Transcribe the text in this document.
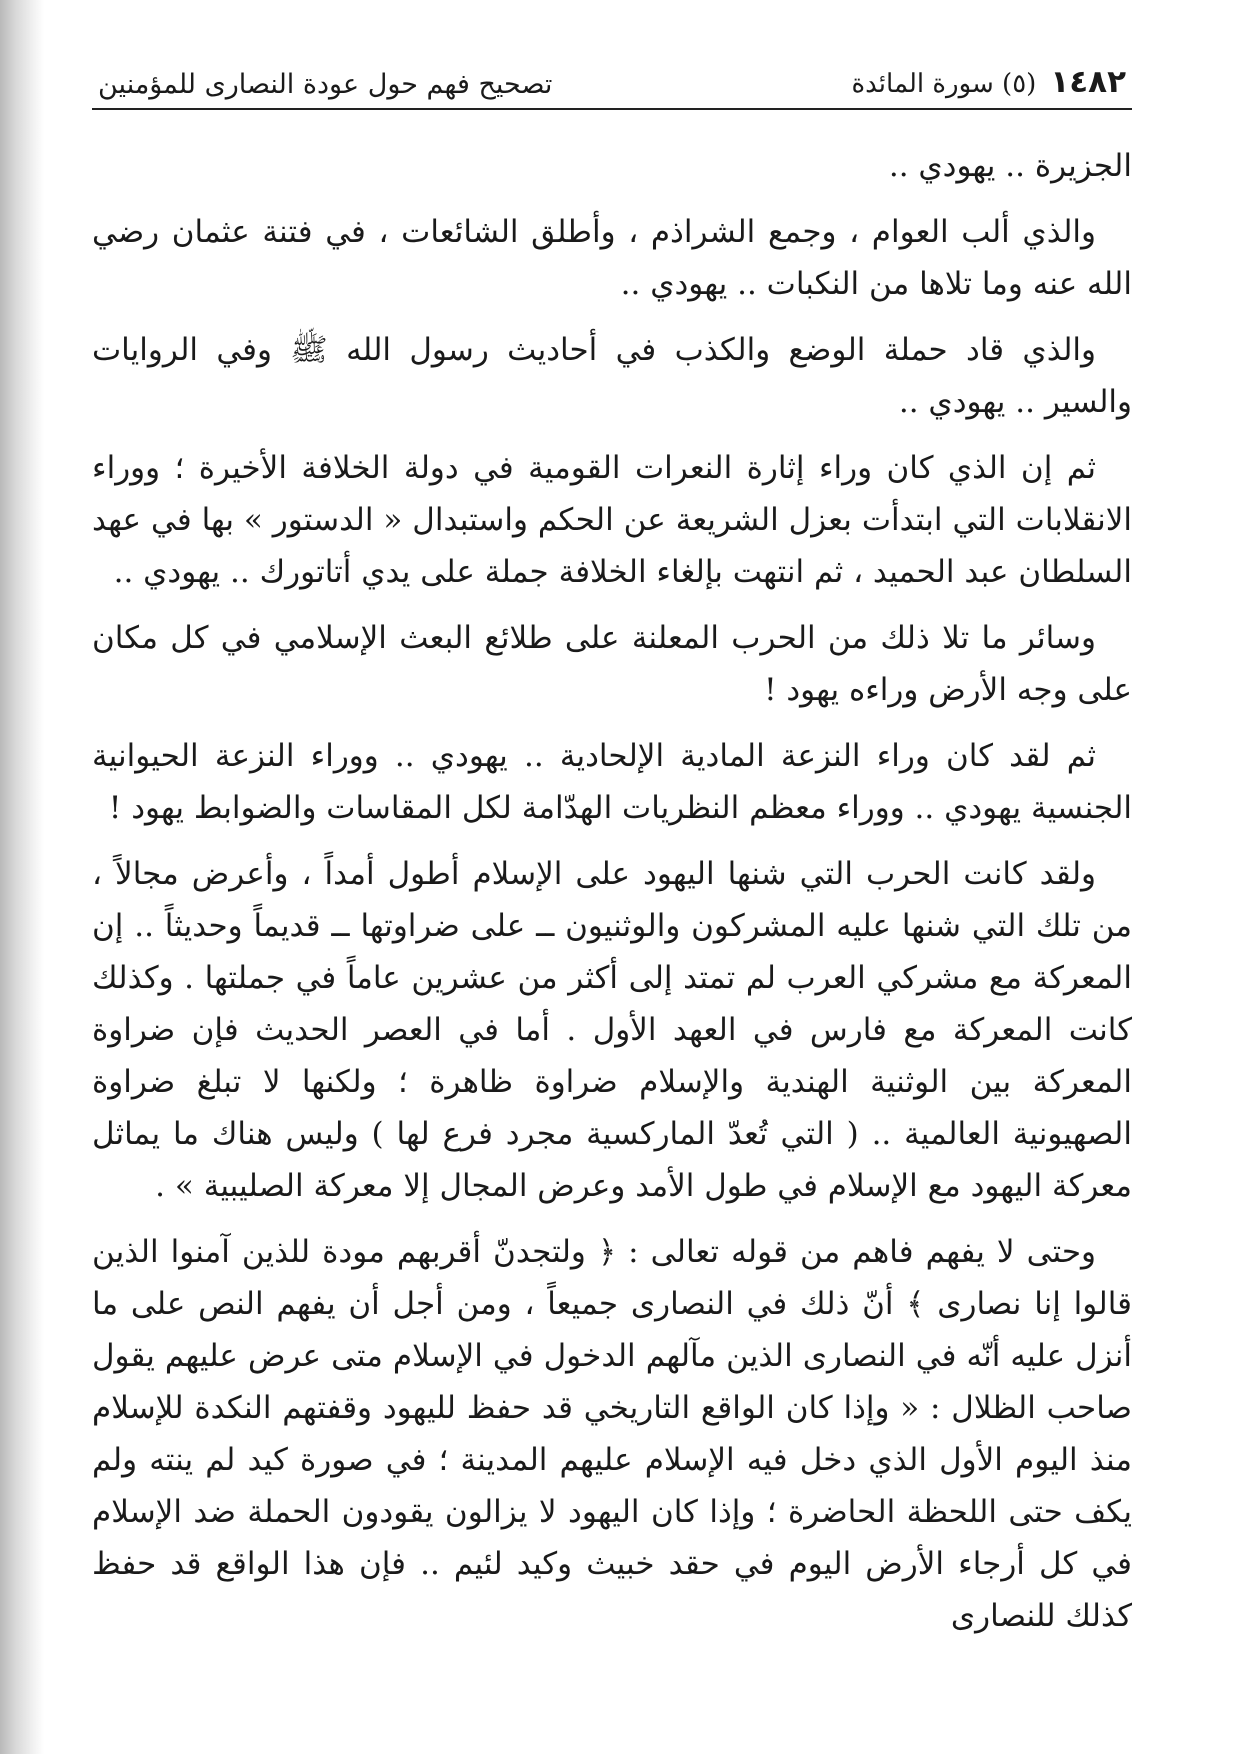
١٤٨٢
(٥) سورة المائدة
تصحيح فهم حول عودة النصارى للمؤمنين

الجزيرة .. يهودي ..

والذي ألب العوام ، وجمع الشراذم ، وأطلق الشائعات ، في فتنة عثمان رضي الله عنه وما تلاها من النكبات .. يهودي ..

والذي قاد حملة الوضع والكذب في أحاديث رسول الله ﷺ وفي الروايات والسير .. يهودي ..

ثم إن الذي كان وراء إثارة النعرات القومية في دولة الخلافة الأخيرة ؛ ووراء الانقلابات التي ابتدأت بعزل الشريعة عن الحكم واستبدال « الدستور » بها في عهد السلطان عبد الحميد ، ثم انتهت بإلغاء الخلافة جملة على يدي أتاتورك .. يهودي ..

وسائر ما تلا ذلك من الحرب المعلنة على طلائع البعث الإسلامي في كل مكان على وجه الأرض وراءه يهود !

ثم لقد كان وراء النزعة المادية الإلحادية .. يهودي .. ووراء النزعة الحيوانية الجنسية يهودي .. ووراء معظم النظريات الهدّامة لكل المقاسات والضوابط يهود !

ولقد كانت الحرب التي شنها اليهود على الإسلام أطول أمداً ، وأعرض مجالاً ، من تلك التي شنها عليه المشركون والوثنيون ــ على ضراوتها ــ قديماً وحديثاً .. إن المعركة مع مشركي العرب لم تمتد إلى أكثر من عشرين عاماً في جملتها . وكذلك كانت المعركة مع فارس في العهد الأول . أما في العصر الحديث فإن ضراوة المعركة بين الوثنية الهندية والإسلام ضراوة ظاهرة ؛ ولكنها لا تبلغ ضراوة الصهيونية العالمية .. ( التي تُعدّ الماركسية مجرد فرع لها ) وليس هناك ما يماثل معركة اليهود مع الإسلام في طول الأمد وعرض المجال إلا معركة الصليبية » .

وحتى لا يفهم فاهم من قوله تعالى : ﴿ ولتجدنّ أقربهم مودة للذين آمنوا الذين قالوا إنا نصارى ﴾ أنّ ذلك في النصارى جميعاً ، ومن أجل أن يفهم النص على ما أنزل عليه أنّه في النصارى الذين مآلهم الدخول في الإسلام متى عرض عليهم يقول صاحب الظلال : « وإذا كان الواقع التاريخي قد حفظ لليهود وقفتهم النكدة للإسلام منذ اليوم الأول الذي دخل فيه الإسلام عليهم المدينة ؛ في صورة كيد لم ينته ولم يكف حتى اللحظة الحاضرة ؛ وإذا كان اليهود لا يزالون يقودون الحملة ضد الإسلام في كل أرجاء الأرض اليوم في حقد خبيث وكيد لئيم .. فإن هذا الواقع قد حفظ كذلك للنصارى
